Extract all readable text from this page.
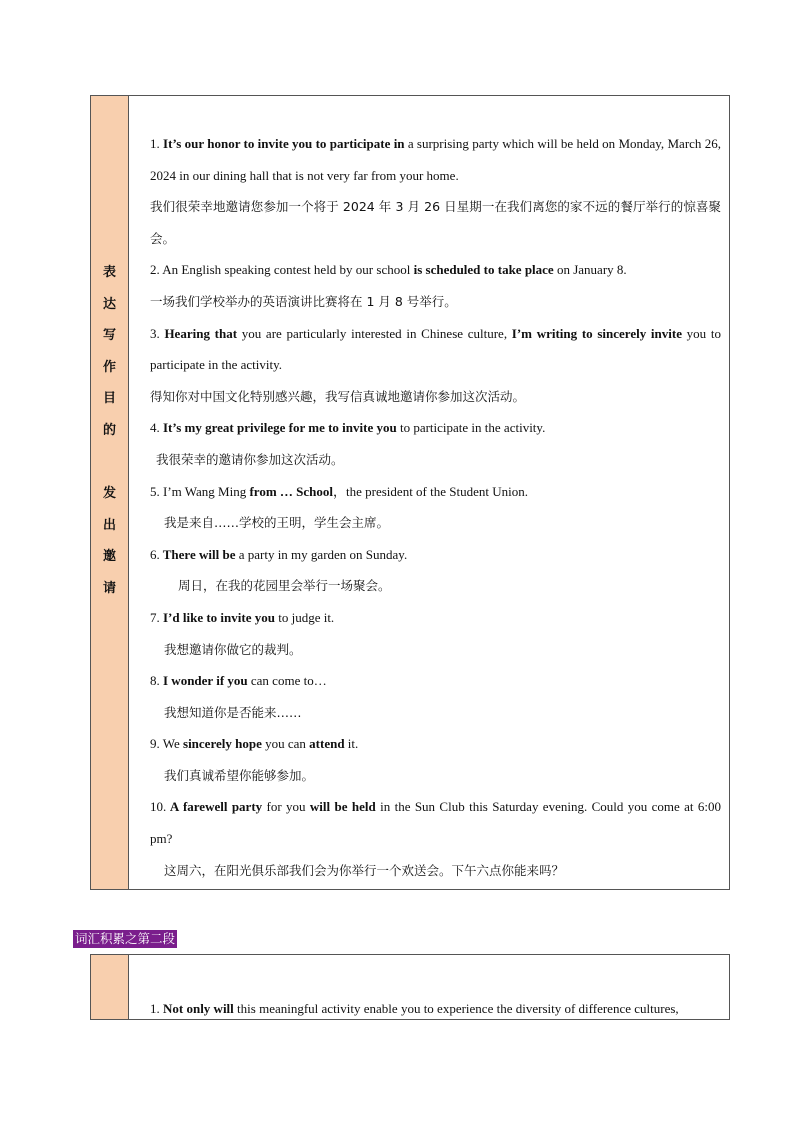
表
达
写
作
目
的
发
出
邀
请
1. It’s our honor to invite you to participate in a surprising party which will be held on Monday, March 26, 2024 in our dining hall that is not very far from your home.
我们很荣幸地邀请您参加一个将于 2024 年 3 月 26 日星期一在我们离您的家不远的餐厅举行的惊喜聚会。
2. An English speaking contest held by our school is scheduled to take place on January 8.
一场我们学校举办的英语演讲比赛将在 1 月 8 号举行。
3. Hearing that you are particularly interested in Chinese culture, I’m writing to sincerely invite you to participate in the activity.
得知你对中国文化特别感兴趣，我写信真诚地邀请你参加这次活动。
4. It’s my great privilege for me to invite you to participate in the activity.
我很荣幸的邀请你参加这次活动。
5. I’m Wang Ming from … School，the president of the Student Union.
我是来自……学校的王明，学生会主席。
6. There will be a party in my garden on Sunday.
周日，在我的花园里会举行一场聚会。
7. I’d like to invite you to judge it.
我想邀请你做它的裁判。
8. I wonder if you can come to…
我想知道你是否能来……
9. We sincerely hope you can attend it.
我们真诚希望你能够参加。
10. A farewell party for you will be held in the Sun Club this Saturday evening. Could you come at 6:00 pm?
这周六，在阳光俱乐部我们会为你举行一个欢送会。下午六点你能来吗？
词汇积累之第二段
1. Not only will this meaningful activity enable you to experience the diversity of difference cultures,
